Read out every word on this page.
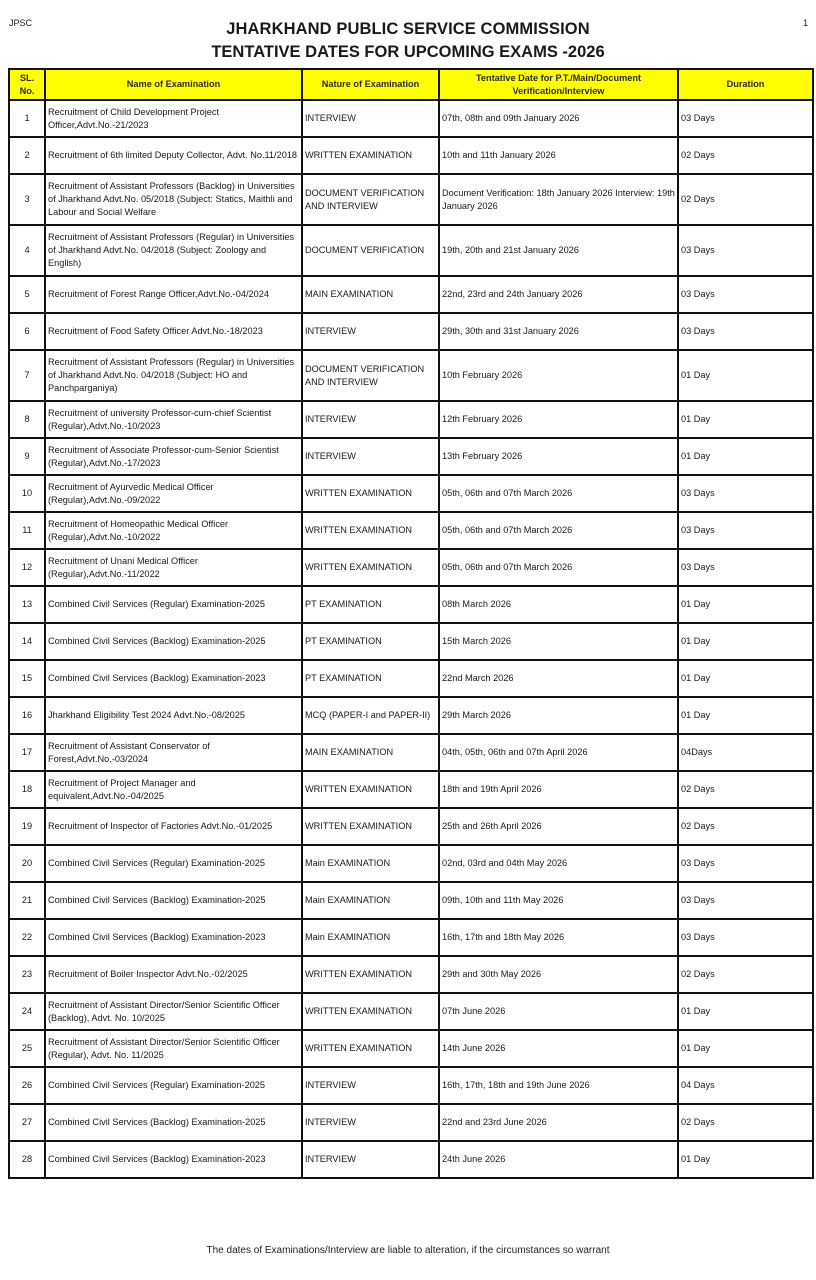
JPSC	1
JHARKHAND PUBLIC SERVICE COMMISSION
TENTATIVE DATES FOR UPCOMING EXAMS -2026
SL. No.	Name of Examination	Nature of Examination	Tentative Date for P.T./Main/Document Verification/Interview	Duration
1	Recruitment of Child Development Project Officer,Advt.No.-21/2023	INTERVIEW	07th, 08th and 09th January 2026	03 Days
2	Recruitment of 6th limited Deputy Collector, Advt. No.11/2018	WRITTEN EXAMINATION	10th and 11th January 2026	02 Days
3	Recruitment of Assistant Professors (Backlog) in Universities of Jharkhand Advt.No. 05/2018 (Subject: Statics, Maithli and Labour and Social Welfare	DOCUMENT VERIFICATION AND INTERVIEW	Document Verification: 18th January 2026 Interview: 19th January 2026	02 Days
4	Recruitment of Assistant Professors (Regular) in Universities of Jharkhand Advt.No. 04/2018 (Subject: Zoology and English)	DOCUMENT VERIFICATION	19th, 20th and 21st January 2026	03 Days
5	Recruitment of Forest Range Officer,Advt.No.-04/2024	MAIN EXAMINATION	22nd, 23rd and 24th January 2026	03 Days
6	Recruitment of Food Safety Officer Advt.No.-18/2023	INTERVIEW	29th, 30th and 31st January 2026	03 Days
7	Recruitment of Assistant Professors (Regular) in Universities of Jharkhand Advt.No. 04/2018 (Subject: HO and Panchparganiya)	DOCUMENT VERIFICATION AND INTERVIEW	10th February 2026	01 Day
8	Recruitment of university Professor-cum-chief Scientist (Regular),Advt.No.-10/2023	INTERVIEW	12th February 2026	01 Day
9	Recruitment of Associate Professor-cum-Senior Scientist (Regular),Advt.No.-17/2023	INTERVIEW	13th February 2026	01 Day
10	Recruitment of Ayurvedic Medical Officer (Regular),Advt.No.-09/2022	WRITTEN EXAMINATION	05th, 06th and 07th March 2026	03 Days
11	Recruitment of Homeopathic Medical Officer (Regular),Advt.No.-10/2022	WRITTEN EXAMINATION	05th, 06th and 07th March 2026	03 Days
12	Recruitment of Unani Medical Officer (Regular),Advt.No.-11/2022	WRITTEN EXAMINATION	05th, 06th and 07th March 2026	03 Days
13	Combined Civil Services (Regular) Examination-2025	PT EXAMINATION	08th March 2026	01 Day
14	Combined Civil Services (Backlog) Examination-2025	PT EXAMINATION	15th March 2026	01 Day
15	Combined Civil Services (Backlog) Examination-2023	PT EXAMINATION	22nd March 2026	01 Day
16	Jharkhand Eligibility Test 2024 Advt.No.-08/2025	MCQ (PAPER-I and PAPER-II)	29th March 2026	01 Day
17	Recruitment of Assistant Conservator of Forest,Advt.No.-03/2024	MAIN EXAMINATION	04th, 05th, 06th and 07th April 2026	04Days
18	Recruitment of Project Manager and equivalent,Advt.No.-04/2025	WRITTEN EXAMINATION	18th and 19th April 2026	02 Days
19	Recruitment of Inspector of Factories Advt.No.-01/2025	WRITTEN EXAMINATION	25th and 26th April 2026	02 Days
20	Combined Civil Services (Regular) Examination-2025	Main EXAMINATION	02nd, 03rd and 04th May 2026	03 Days
21	Combined Civil Services (Backlog) Examination-2025	Main EXAMINATION	09th, 10th and 11th May 2026	03 Days
22	Combined Civil Services (Backlog) Examination-2023	Main EXAMINATION	16th, 17th and 18th May 2026	03 Days
23	Recruitment of Boiler Inspector Advt.No.-02/2025	WRITTEN EXAMINATION	29th and 30th May 2026	02 Days
24	Recruitment of Assistant Director/Senior Scientific Officer (Backlog), Advt. No. 10/2025	WRITTEN EXAMINATION	07th June 2026	01 Day
25	Recruitment of Assistant Director/Senior Scientific Officer (Regular), Advt. No. 11/2025	WRITTEN EXAMINATION	14th June 2026	01 Day
26	Combined Civil Services (Regular) Examination-2025	INTERVIEW	16th, 17th, 18th and 19th June 2026	04 Days
27	Combined Civil Services (Backlog) Examination-2025	INTERVIEW	22nd and 23rd June 2026	02 Days
28	Combined Civil Services (Backlog) Examination-2023	INTERVIEW	24th June 2026	01 Day
The dates of Examinations/Interview are liable to alteration, if the circumstances so warrant
